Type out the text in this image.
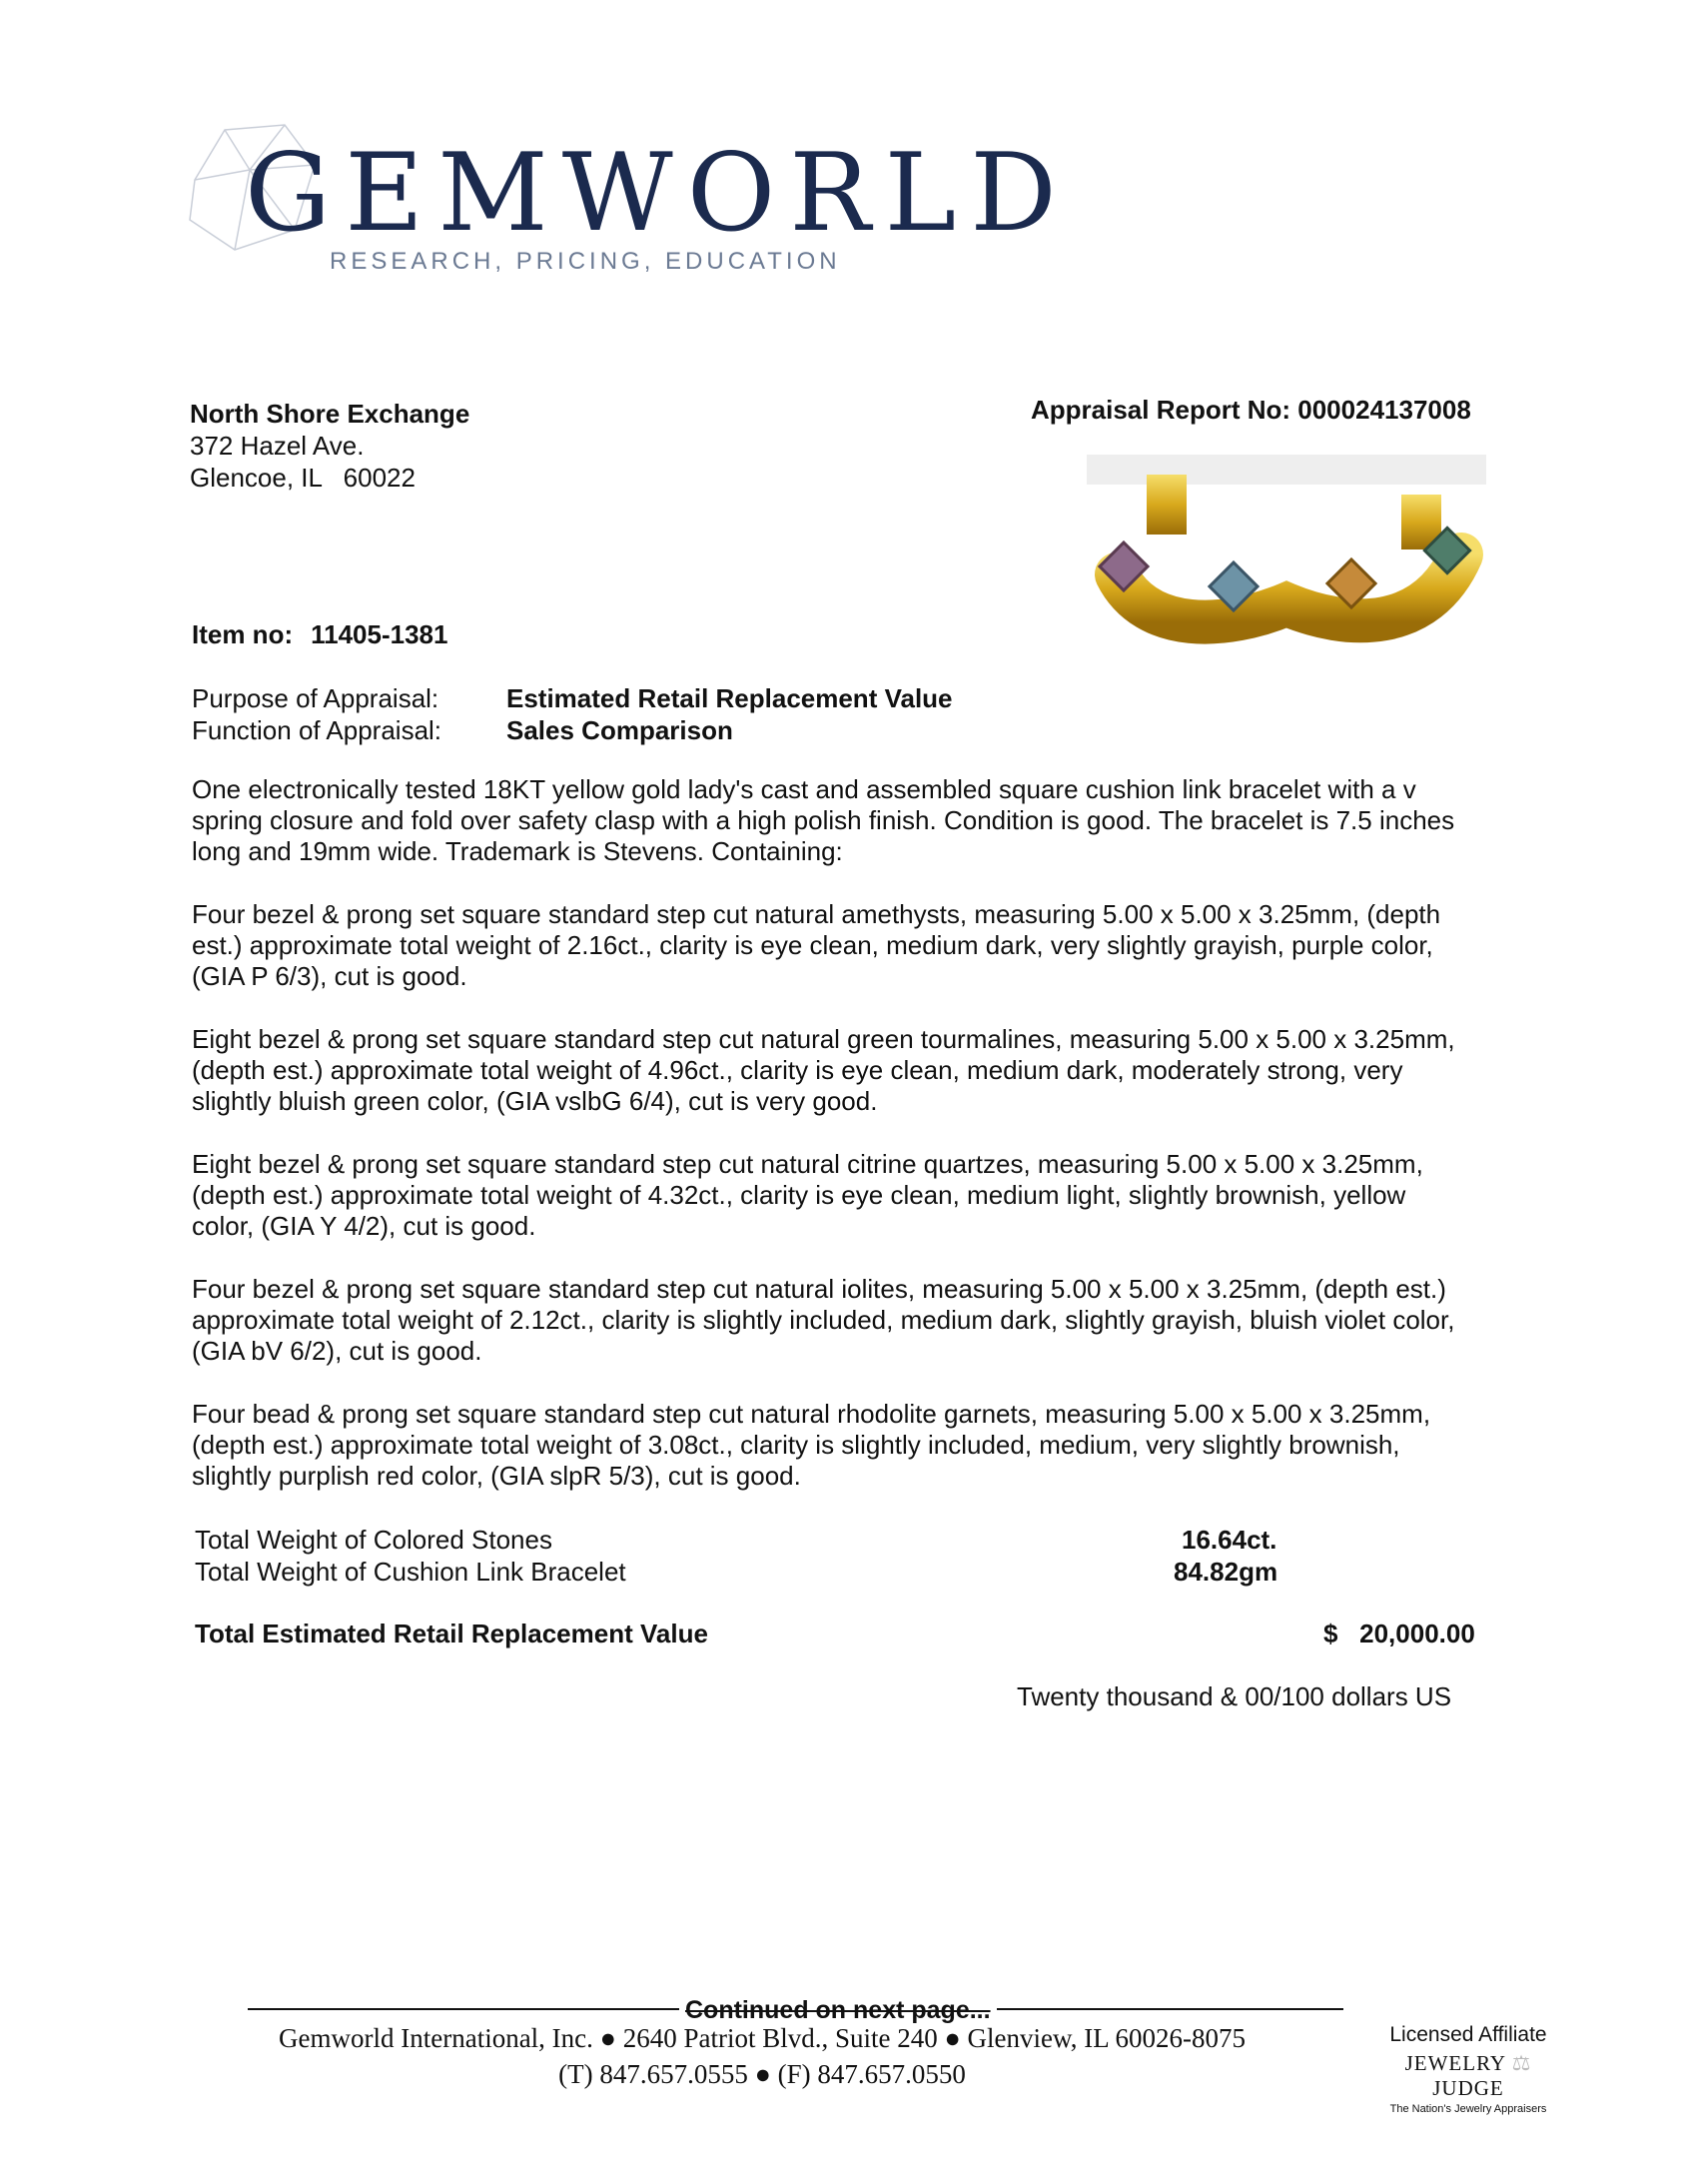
GEMWORLD
RESEARCH, PRICING, EDUCATION
North Shore Exchange
372 Hazel Ave.
Glencoe, IL   60022
Appraisal Report No: 000024137008
Item no: 11405-1381
Purpose of Appraisal:	Estimated Retail Replacement Value
Function of Appraisal: Sales Comparison
One electronically tested 18KT yellow gold lady's cast and assembled square cushion link bracelet with a v spring closure and fold over safety clasp with a high polish finish. Condition is good. The bracelet is 7.5 inches long and 19mm wide. Trademark is Stevens. Containing:
Four bezel & prong set square standard step cut natural amethysts, measuring 5.00 x 5.00 x 3.25mm, (depth est.) approximate total weight of 2.16ct., clarity is eye clean, medium dark, very slightly grayish, purple color, (GIA P 6/3), cut is good.
Eight bezel & prong set square standard step cut natural green tourmalines, measuring 5.00 x 5.00 x 3.25mm, (depth est.) approximate total weight of 4.96ct., clarity is eye clean, medium dark, moderately strong, very slightly bluish green color, (GIA vslbG 6/4), cut is very good.
Eight bezel & prong set square standard step cut natural citrine quartzes, measuring 5.00 x 5.00 x 3.25mm, (depth est.) approximate total weight of 4.32ct., clarity is eye clean, medium light, slightly brownish, yellow color, (GIA Y 4/2), cut is good.
Four bezel & prong set square standard step cut natural iolites, measuring 5.00 x 5.00 x 3.25mm, (depth est.) approximate total weight of 2.12ct., clarity is slightly included, medium dark, slightly grayish, bluish violet color, (GIA bV 6/2), cut is good.
Four bead & prong set square standard step cut natural rhodolite garnets, measuring 5.00 x 5.00 x 3.25mm, (depth est.) approximate total weight of 3.08ct., clarity is slightly included, medium, very slightly brownish, slightly purplish red color, (GIA slpR 5/3), cut is good.
Total Weight of Colored Stones	16.64ct.
Total Weight of Cushion Link Bracelet	84.82gm
Total Estimated Retail Replacement Value	$ 20,000.00
Twenty thousand & 00/100 dollars US
Continued on next page...
Gemworld International, Inc. ● 2640 Patriot Blvd., Suite 240 ● Glenview, IL 60026-8075
(T) 847.657.0555 ● (F) 847.657.0550
Licensed Affiliate
JEWELRY ⚖ JUDGE
The Nation's Jewelry Appraisers
